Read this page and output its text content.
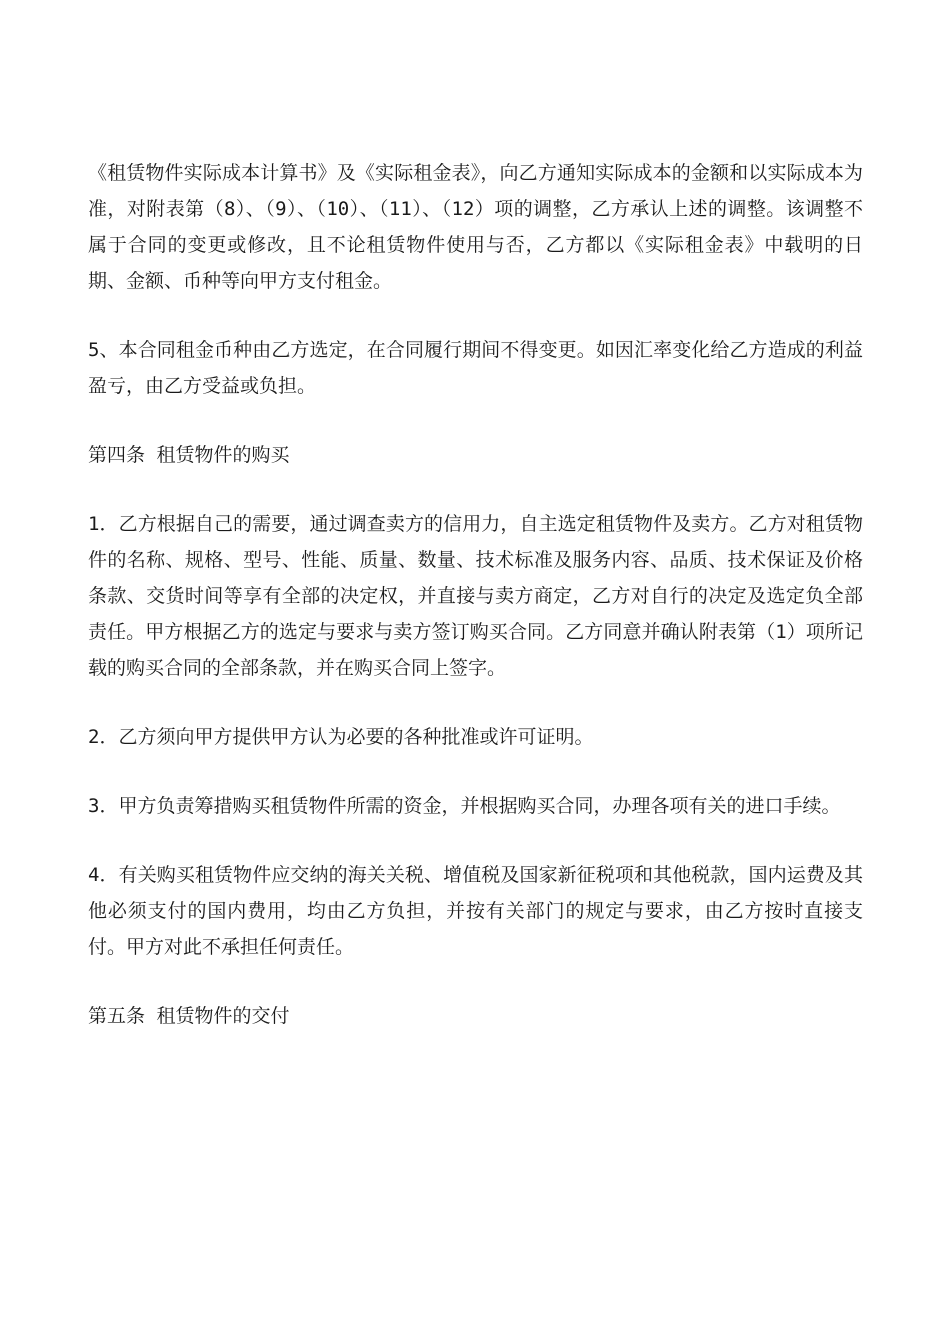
《租赁物件实际成本计算书》及《实际租金表》，向乙方通知实际成本的金额和以实际成本为准，对附表第（8）、（9）、（10）、（11）、（12）项的调整，乙方承认上述的调整。该调整不属于合同的变更或修改，且不论租赁物件使用与否，乙方都以《实际租金表》中载明的日期、金额、币种等向甲方支付租金。

5、本合同租金币种由乙方选定，在合同履行期间不得变更。如因汇率变化给乙方造成的利益盈亏，由乙方受益或负担。

第四条 租赁物件的购买

1．乙方根据自己的需要，通过调查卖方的信用力，自主选定租赁物件及卖方。乙方对租赁物件的名称、规格、型号、性能、质量、数量、技术标准及服务内容、品质、技术保证及价格条款、交货时间等享有全部的决定权，并直接与卖方商定，乙方对自行的决定及选定负全部责任。甲方根据乙方的选定与要求与卖方签订购买合同。乙方同意并确认附表第（1）项所记载的购买合同的全部条款，并在购买合同上签字。

2．乙方须向甲方提供甲方认为必要的各种批准或许可证明。

3．甲方负责筹措购买租赁物件所需的资金，并根据购买合同，办理各项有关的进口手续。

4．有关购买租赁物件应交纳的海关关税、增值税及国家新征税项和其他税款，国内运费及其他必须支付的国内费用，均由乙方负担，并按有关部门的规定与要求，由乙方按时直接支付。甲方对此不承担任何责任。

第五条 租赁物件的交付
